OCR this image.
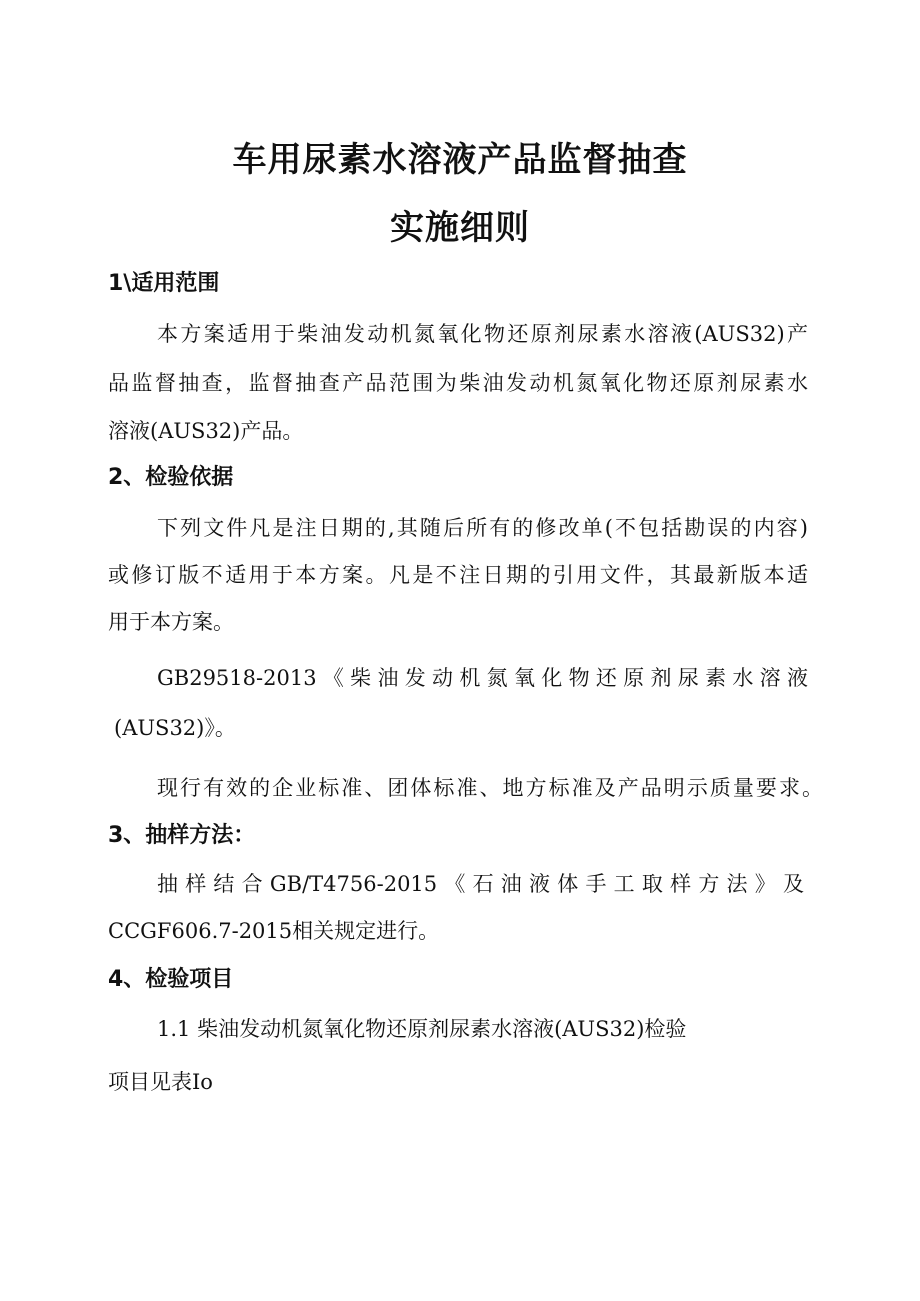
车用尿素水溶液产品监督抽查
实施细则
1\适用范围
本方案适用于柴油发动机氮氧化物还原剂尿素水溶液(AUS32)产
品监督抽查，监督抽查产品范围为柴油发动机氮氧化物还原剂尿素水
溶液(AUS32)产品。
2、检验依据
下列文件凡是注日期的,其随后所有的修改单(不包括勘误的内容)
或修订版不适用于本方案。凡是不注日期的引用文件，其最新版本适
用于本方案。
GB29518-2013《柴油发动机氮氧化物还原剂尿素水溶液
(AUS32)》。
现行有效的企业标准、团体标准、地方标准及产品明示质量要求。
3、抽样方法：
抽样结合GB/T4756-2015《石油液体手工取样方法》及
CCGF606.7-2015相关规定进行。
4、检验项目
1.1 柴油发动机氮氧化物还原剂尿素水溶液(AUS32)检验
项目见表Io
